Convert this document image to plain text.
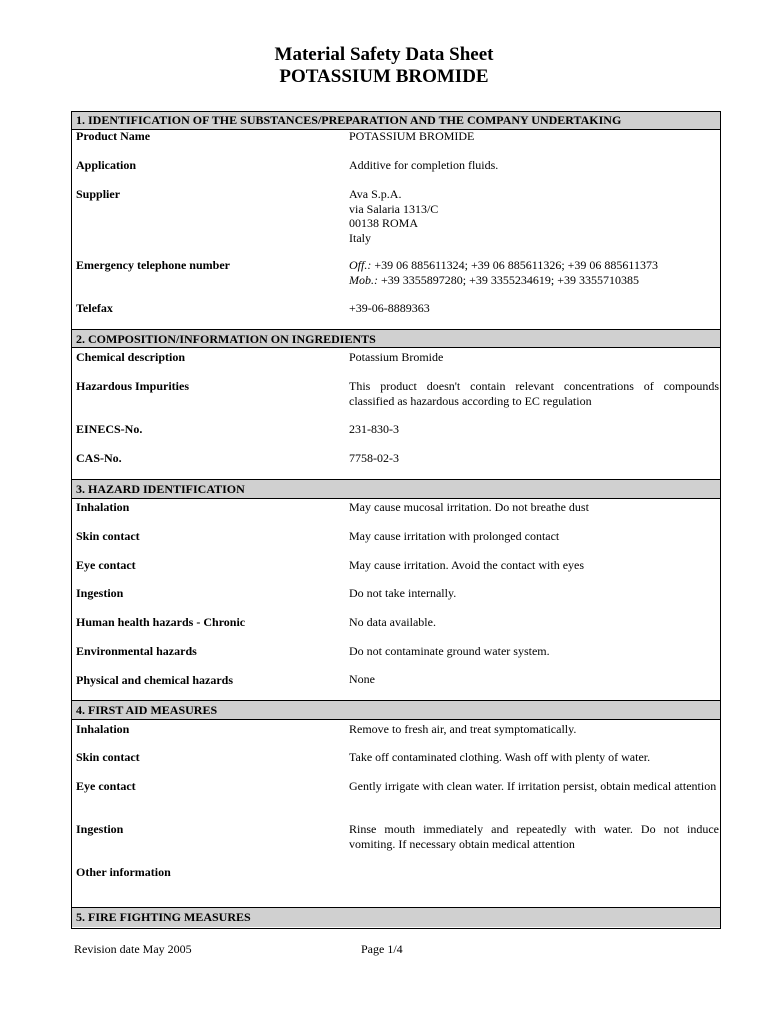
Material Safety Data Sheet
POTASSIUM BROMIDE
1. IDENTIFICATION OF THE SUBSTANCES/PREPARATION AND THE COMPANY UNDERTAKING
Product Name	POTASSIUM BROMIDE
Application	Additive for completion fluids.
Supplier	Ava S.p.A.
via Salaria 1313/C
00138 ROMA
Italy
Emergency telephone number	Off.: +39 06 885611324; +39 06 885611326; +39 06 885611373
Mob.: +39 3355897280; +39 3355234619; +39 3355710385
Telefax	+39-06-8889363
2. COMPOSITION/INFORMATION ON INGREDIENTS
Chemical description	Potassium Bromide
Hazardous Impurities	This product doesn't contain relevant concentrations of compounds classified as hazardous according to EC regulation
EINECS-No.	231-830-3
CAS-No.	7758-02-3
3. HAZARD IDENTIFICATION
Inhalation	May cause mucosal irritation. Do not breathe dust
Skin contact	May cause irritation with prolonged contact
Eye contact	May cause irritation. Avoid the contact with eyes
Ingestion	Do not take internally.
Human health hazards - Chronic	No data available.
Environmental hazards	Do not contaminate ground water system.
Physical and chemical hazards	None
4. FIRST AID MEASURES
Inhalation	Remove to fresh air, and treat symptomatically.
Skin contact	Take off contaminated clothing. Wash off with plenty of water.
Eye contact	Gently irrigate with clean water. If irritation persist, obtain medical attention
Ingestion	Rinse mouth immediately and repeatedly with water. Do not induce vomiting. If necessary obtain medical attention
Other information
5. FIRE FIGHTING MEASURES
Revision date May 2005	Page 1/4
